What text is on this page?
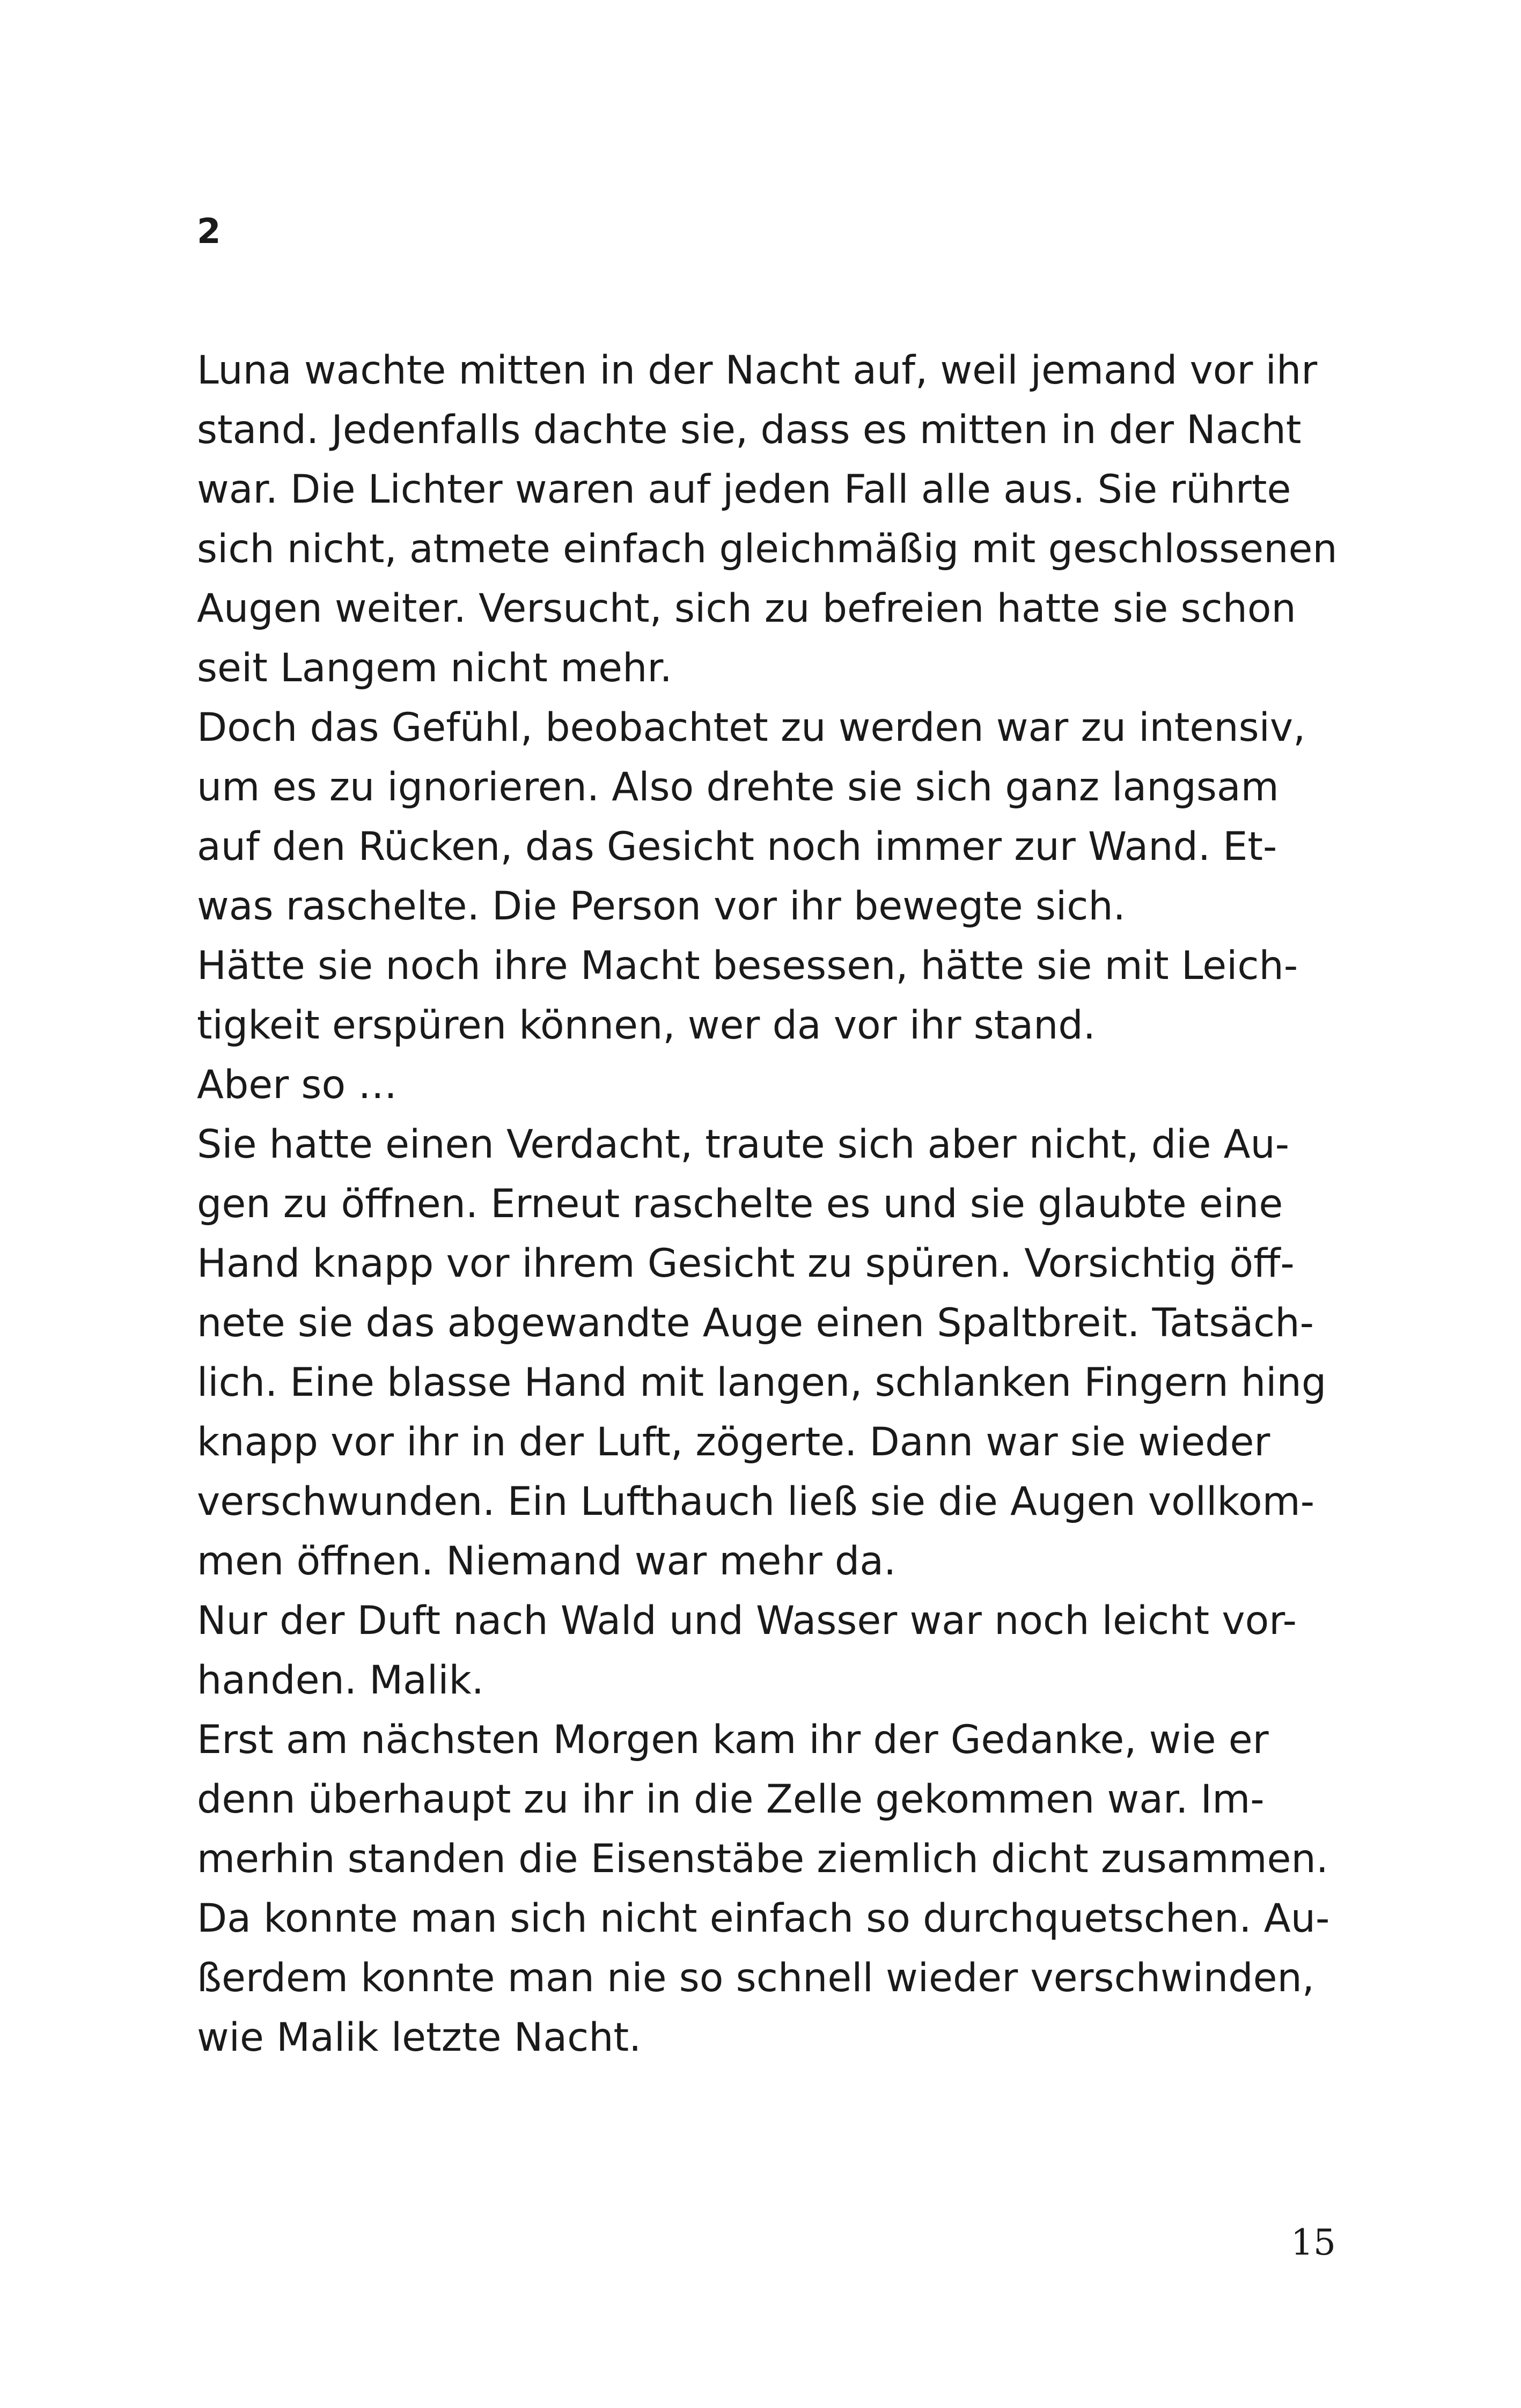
2
Luna wachte mitten in der Nacht auf, weil jemand vor ihr
stand. Jedenfalls dachte sie, dass es mitten in der Nacht
war. Die Lichter waren auf jeden Fall alle aus. Sie rührte
sich nicht, atmete einfach gleichmäßig mit geschlossenen
Augen weiter. Versucht, sich zu befreien hatte sie schon
seit Langem nicht mehr.
Doch das Gefühl, beobachtet zu werden war zu intensiv,
um es zu ignorieren. Also drehte sie sich ganz langsam
auf den Rücken, das Gesicht noch immer zur Wand. Et-
was raschelte. Die Person vor ihr bewegte sich.
Hätte sie noch ihre Macht besessen, hätte sie mit Leich-
tigkeit erspüren können, wer da vor ihr stand.
Aber so …
Sie hatte einen Verdacht, traute sich aber nicht, die Au-
gen zu öffnen. Erneut raschelte es und sie glaubte eine
Hand knapp vor ihrem Gesicht zu spüren. Vorsichtig öff-
nete sie das abgewandte Auge einen Spaltbreit. Tatsäch-
lich. Eine blasse Hand mit langen, schlanken Fingern hing
knapp vor ihr in der Luft, zögerte. Dann war sie wieder
verschwunden. Ein Lufthauch ließ sie die Augen vollkom-
men öffnen. Niemand war mehr da.
Nur der Duft nach Wald und Wasser war noch leicht vor-
handen. Malik.
Erst am nächsten Morgen kam ihr der Gedanke, wie er
denn überhaupt zu ihr in die Zelle gekommen war. Im-
merhin standen die Eisenstäbe ziemlich dicht zusammen.
Da konnte man sich nicht einfach so durchquetschen. Au-
ßerdem konnte man nie so schnell wieder verschwinden,
wie Malik letzte Nacht.

15
